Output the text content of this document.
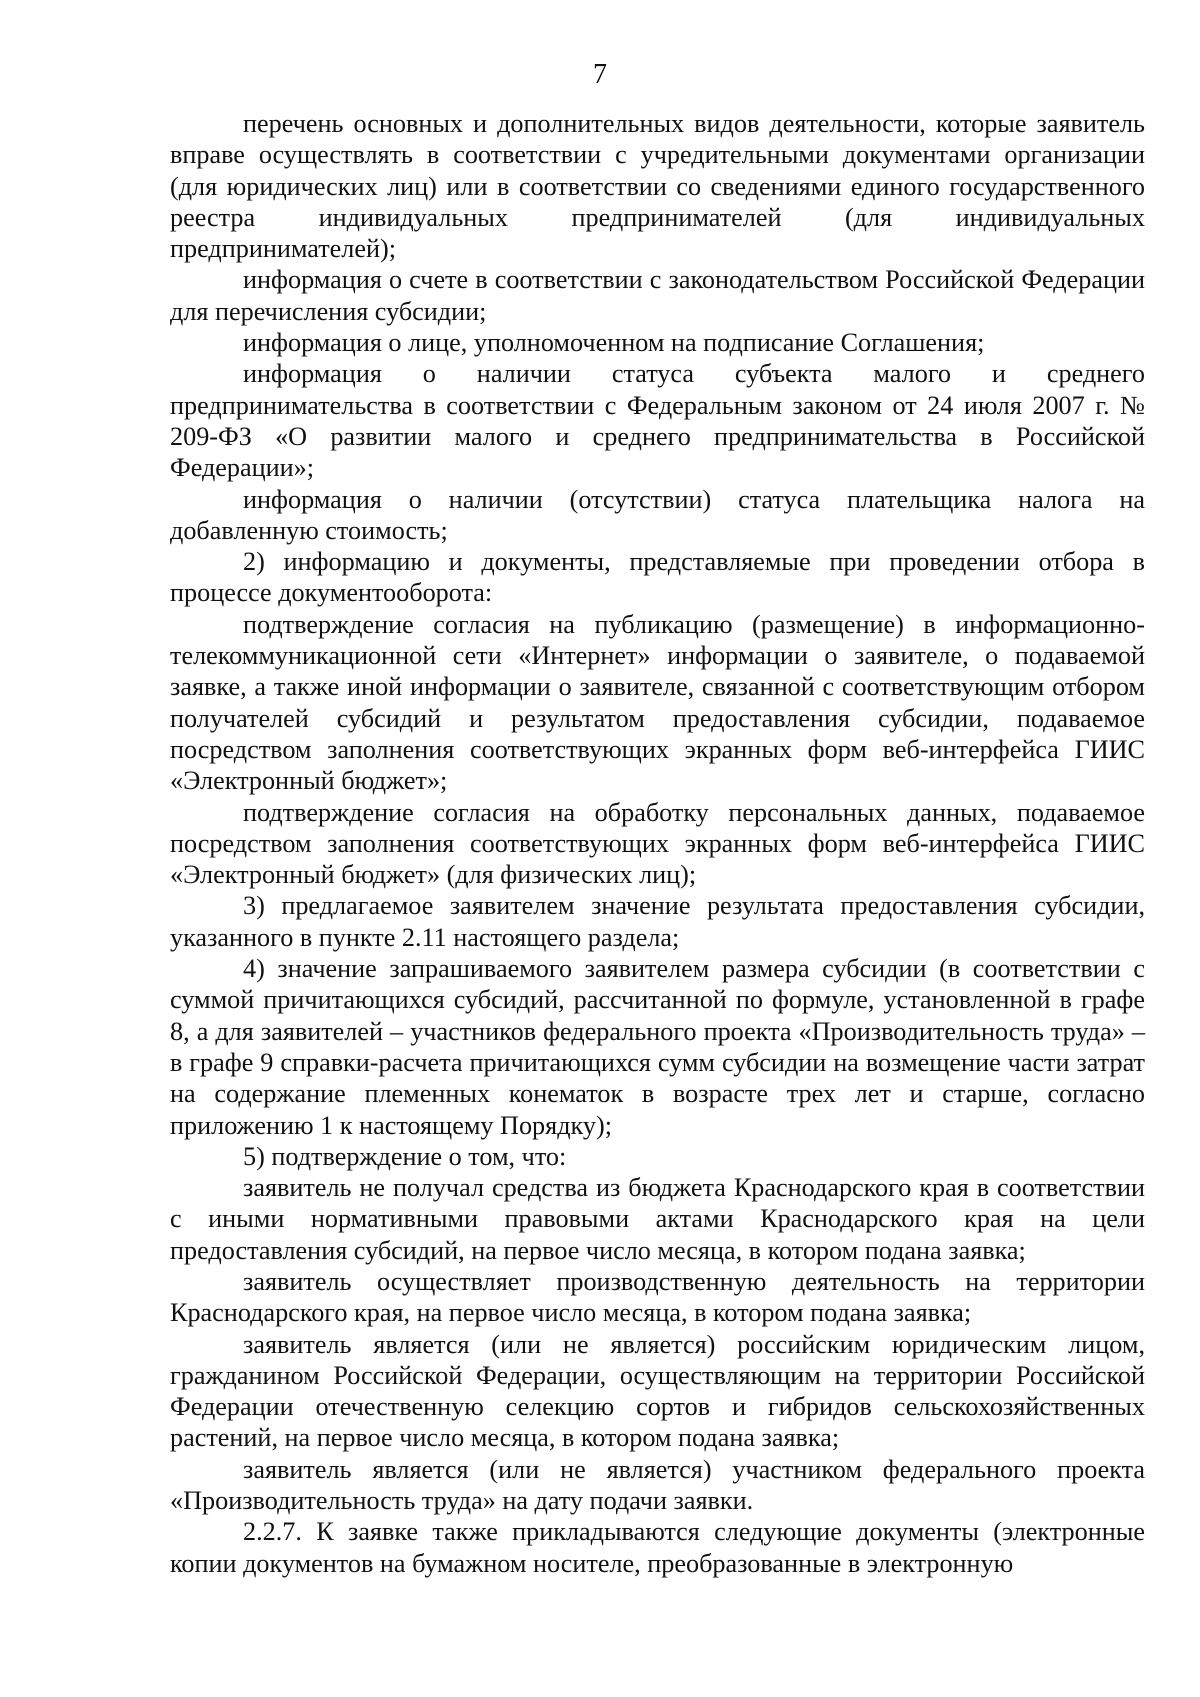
7

перечень основных и дополнительных видов деятельности, которые заявитель вправе осуществлять в соответствии с учредительными документами организации (для юридических лиц) или в соответствии со сведениями единого государственного реестра индивидуальных предпринимателей (для индивидуальных предпринимателей);

информация о счете в соответствии с законодательством Российской Федерации для перечисления субсидии;

информация о лице, уполномоченном на подписание Соглашения;

информация о наличии статуса субъекта малого и среднего предпринимательства в соответствии с Федеральным законом от 24 июля 2007 г. № 209-ФЗ «О развитии малого и среднего предпринимательства в Российской Федерации»;

информация о наличии (отсутствии) статуса плательщика налога на добавленную стоимость;

2) информацию и документы, представляемые при проведении отбора в процессе документооборота:

подтверждение согласия на публикацию (размещение) в информационно-телекоммуникационной сети «Интернет» информации о заявителе, о подаваемой заявке, а также иной информации о заявителе, связанной с соответствующим отбором получателей субсидий и результатом предоставления субсидии, подаваемое посредством заполнения соответствующих экранных форм веб-интерфейса ГИИС «Электронный бюджет»;

подтверждение согласия на обработку персональных данных, подаваемое посредством заполнения соответствующих экранных форм веб-интерфейса ГИИС «Электронный бюджет» (для физических лиц);

3) предлагаемое заявителем значение результата предоставления субсидии, указанного в пункте 2.11 настоящего раздела;

4) значение запрашиваемого заявителем размера субсидии (в соответствии с суммой причитающихся субсидий, рассчитанной по формуле, установленной в графе 8, а для заявителей – участников федерального проекта «Производительность труда» – в графе 9 справки-расчета причитающихся сумм субсидии на возмещение части затрат на содержание племенных конематок в возрасте трех лет и старше, согласно приложению 1 к настоящему Порядку);

5) подтверждение о том, что:

заявитель не получал средства из бюджета Краснодарского края в соответствии с иными нормативными правовыми актами Краснодарского края на цели предоставления субсидий, на первое число месяца, в котором подана заявка;

заявитель осуществляет производственную деятельность на территории Краснодарского края, на первое число месяца, в котором подана заявка;

заявитель является (или не является) российским юридическим лицом, гражданином Российской Федерации, осуществляющим на территории Российской Федерации отечественную селекцию сортов и гибридов сельскохозяйственных растений, на первое число месяца, в котором подана заявка;

заявитель является (или не является) участником федерального проекта «Производительность труда» на дату подачи заявки.

2.2.7. К заявке также прикладываются следующие документы (электронные копии документов на бумажном носителе, преобразованные в электронную
